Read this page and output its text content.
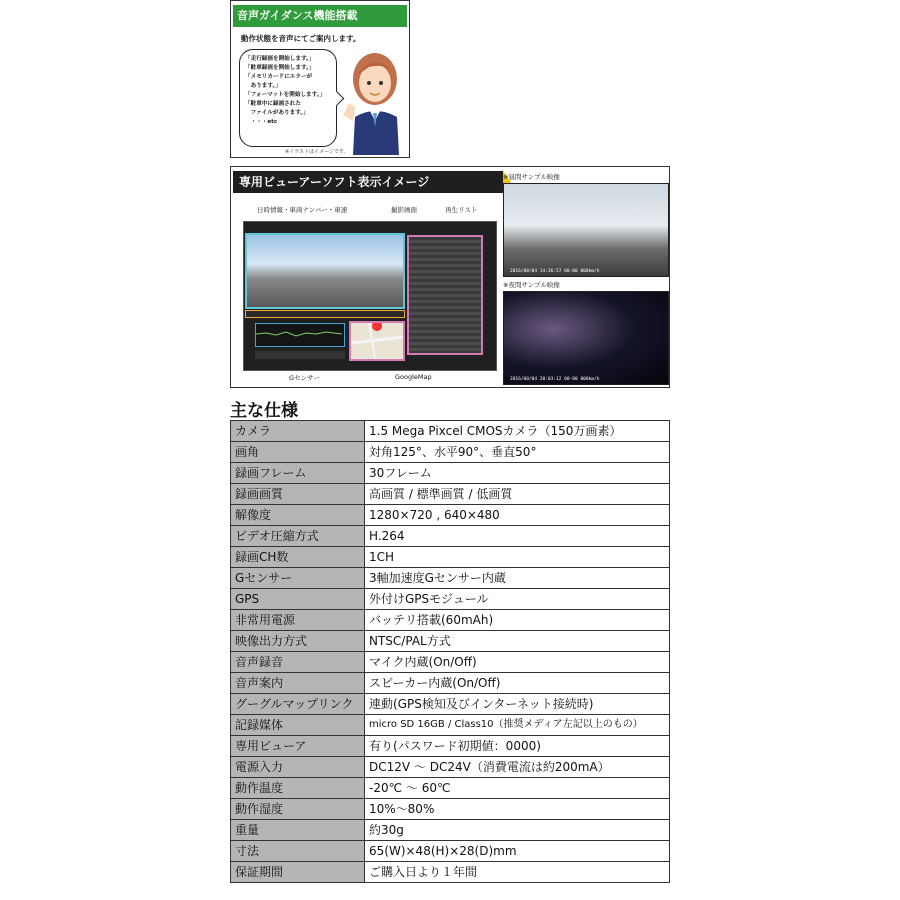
音声ガイダンス機能搭載
動作状態を音声にてご案内します。
「走行録画を開始します。」
「駐車録画を開始します。」
「メモリカードにエラーが
　あります。」
「フォーマットを開始します。」
「駐車中に録画された
　ファイルがあります。」
　・・・etc
※イラストはイメージです。
専用ビューアーソフト表示イメージ
日時情報・車両ナンバー・車速	撮影画面	再生リスト
Gセンサー	GoogleMap
※昼間サンプル映像
2016/08/04 14:36:57 00-00 000km/h
※夜間サンプル映像
2016/08/04 20:03:12 00-00 000km/h
主な仕様
カメラ	1.5 Mega Pixcel CMOSカメラ（150万画素）
画角	対角125°、水平90°、垂直50°
録画フレーム	30フレーム
録画画質	高画質 / 標準画質 / 低画質
解像度	1280×720 , 640×480
ビデオ圧縮方式	H.264
録画CH数	1CH
Gセンサー	3軸加速度Gセンサー内蔵
GPS	外付けGPSモジュール
非常用電源	バッテリ搭載(60mAh)
映像出力方式	NTSC/PAL方式
音声録音	マイク内蔵(On/Off)
音声案内	スピーカー内蔵(On/Off)
グーグルマップリンク	連動(GPS検知及びインターネット接続時)
記録媒体	micro SD 16GB / Class10（推奨メディア左記以上のもの）
専用ビューア	有り(パスワード初期値：0000)
電源入力	DC12V 〜 DC24V（消費電流は約200mA）
動作温度	-20℃ 〜 60℃
動作湿度	10%〜80%
重量	約30g
寸法	65(W)×48(H)×28(D)mm
保証期間	ご購入日より１年間
